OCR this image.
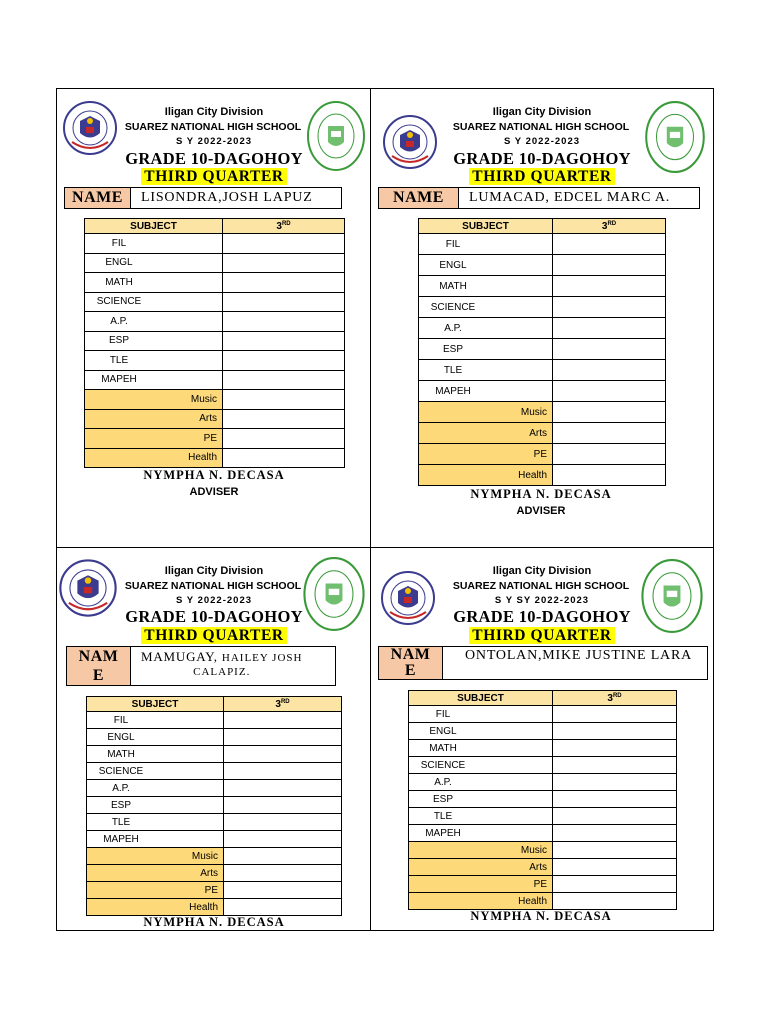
Iligan City Division
SUAREZ NATIONAL HIGH SCHOOL
S Y 2022-2023
GRADE 10-DAGOHOY
THIRD QUARTER
NAME	LISONDRA,JOSH LAPUZ
SUBJECT	3RD
FIL	
ENGL	
MATH	
SCIENCE	
A.P.	
ESP	
TLE	
MAPEH	
Music	
Arts	
PE	
Health	
NYMPHA N. DECASA
ADVISER
Iligan City Division
SUAREZ NATIONAL HIGH SCHOOL
S Y 2022-2023
GRADE 10-DAGOHOY
THIRD QUARTER
NAME	LUMACAD, EDCEL MARC A.
SUBJECT	3RD
FIL	
ENGL	
MATH	
SCIENCE	
A.P.	
ESP	
TLE	
MAPEH	
Music	
Arts	
PE	
Health	
NYMPHA N. DECASA
ADVISER
Iligan City Division
SUAREZ NATIONAL HIGH SCHOOL
S Y 2022-2023
GRADE 10-DAGOHOY
THIRD QUARTER
NAM
E
MAMUGAY, HAILEY JOSH
CALAPIZ.
SUBJECT	3RD
FIL	
ENGL	
MATH	
SCIENCE	
A.P.	
ESP	
TLE	
MAPEH	
Music	
Arts	
PE	
Health	
NYMPHA N. DECASA
Iligan City Division
SUAREZ NATIONAL HIGH SCHOOL
S Y SY 2022-2023
GRADE 10-DAGOHOY
THIRD QUARTER
NAM
E
ONTOLAN,MIKE JUSTINE LARA
SUBJECT	3RD
FIL	
ENGL	
MATH	
SCIENCE	
A.P.	
ESP	
TLE	
MAPEH	
Music	
Arts	
PE	
Health	
NYMPHA N. DECASA
